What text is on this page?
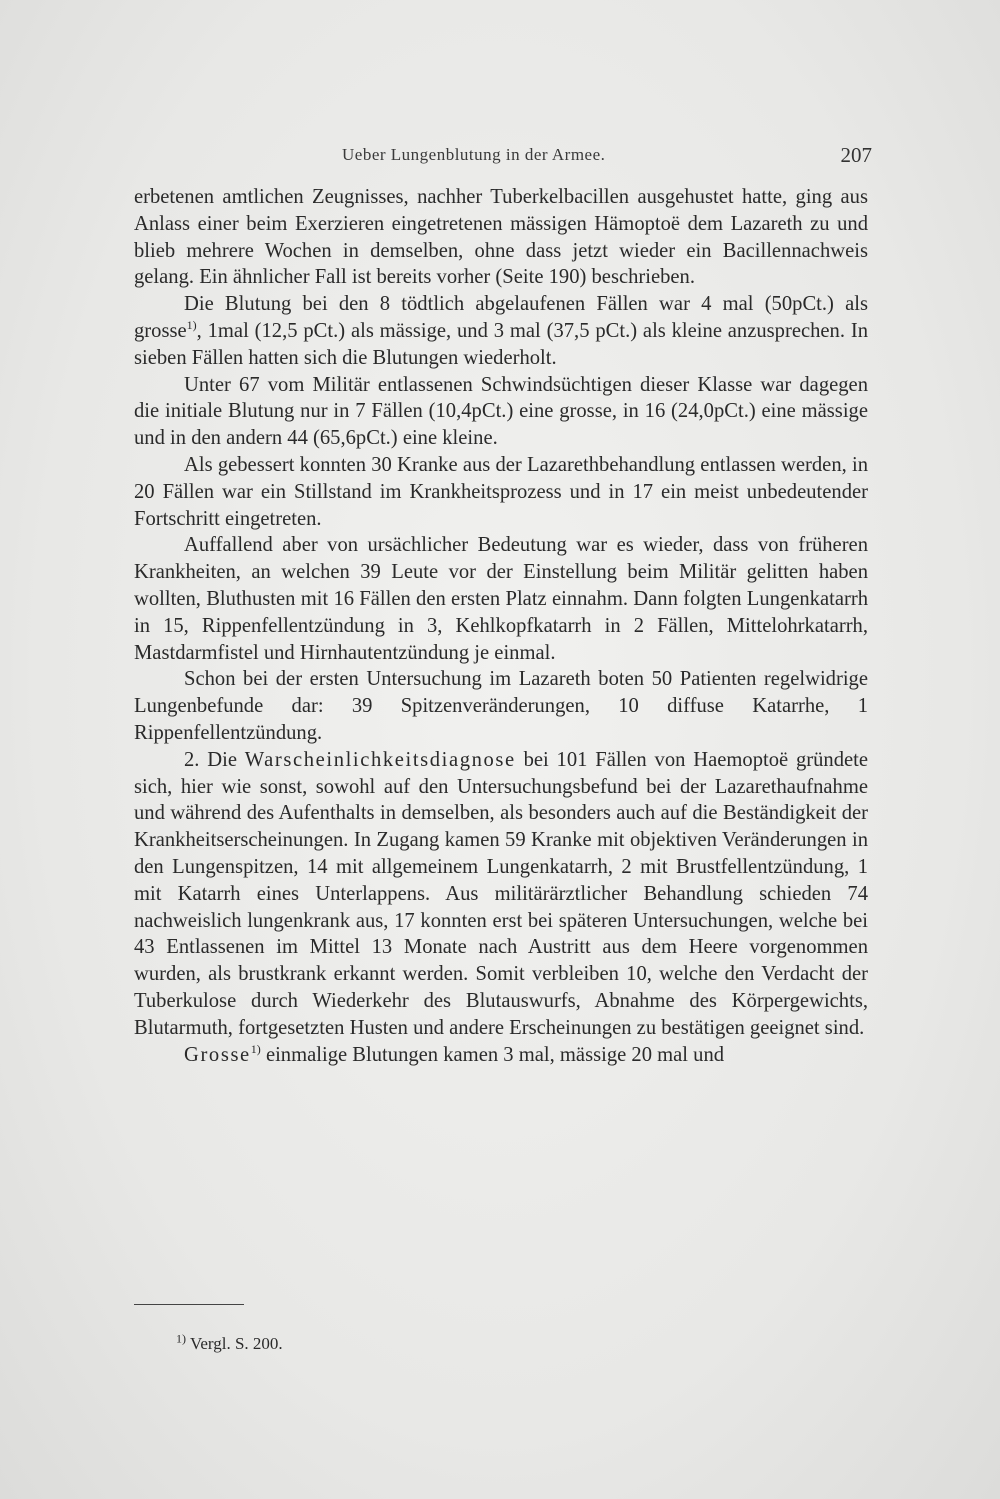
Ueber Lungenblutung in der Armee.	207

erbetenen amtlichen Zeugnisses, nachher Tuberkelbacillen ausgehustet hatte, ging aus Anlass einer beim Exerzieren eingetretenen mässigen Hämoptoë dem Lazareth zu und blieb mehrere Wochen in demselben, ohne dass jetzt wieder ein Bacillennachweis gelang. Ein ähnlicher Fall ist bereits vorher (Seite 190) beschrieben.

Die Blutung bei den 8 tödtlich abgelaufenen Fällen war 4 mal (50pCt.) als grosse$^{1)}$, 1mal (12,5 pCt.) als mässige, und 3 mal (37,5 pCt.) als kleine anzusprechen. In sieben Fällen hatten sich die Blutungen wiederholt.

Unter 67 vom Militär entlassenen Schwindsüchtigen dieser Klasse war dagegen die initiale Blutung nur in 7 Fällen (10,4pCt.) eine grosse, in 16 (24,0pCt.) eine mässige und in den andern 44 (65,6pCt.) eine kleine.

Als gebessert konnten 30 Kranke aus der Lazarethbehandlung entlassen werden, in 20 Fällen war ein Stillstand im Krankheitsprozess und in 17 ein meist unbedeutender Fortschritt eingetreten.

Auffallend aber von ursächlicher Bedeutung war es wieder, dass von früheren Krankheiten, an welchen 39 Leute vor der Einstellung beim Militär gelitten haben wollten, Bluthusten mit 16 Fällen den ersten Platz einnahm. Dann folgten Lungenkatarrh in 15, Rippenfellentzündung in 3, Kehlkopfkatarrh in 2 Fällen, Mittelohrkatarrh, Mastdarmfistel und Hirnhautentzündung je einmal.

Schon bei der ersten Untersuchung im Lazareth boten 50 Patienten regelwidrige Lungenbefunde dar: 39 Spitzenveränderungen, 10 diffuse Katarrhe, 1 Rippenfellentzündung.

2. Die Warscheinlichkeitsdiagnose bei 101 Fällen von Haemoptoë gründete sich, hier wie sonst, sowohl auf den Untersuchungsbefund bei der Lazarethaufnahme und während des Aufenthalts in demselben, als besonders auch auf die Beständigkeit der Krankheitserscheinungen. In Zugang kamen 59 Kranke mit objektiven Veränderungen in den Lungenspitzen, 14 mit allgemeinem Lungenkatarrh, 2 mit Brustfellentzündung, 1 mit Katarrh eines Unterlappens. Aus militärärztlicher Behandlung schieden 74 nachweislich lungenkrank aus, 17 konnten erst bei späteren Untersuchungen, welche bei 43 Entlassenen im Mittel 13 Monate nach Austritt aus dem Heere vorgenommen wurden, als brustkrank erkannt werden. Somit verbleiben 10, welche den Verdacht der Tuberkulose durch Wiederkehr des Blutauswurfs, Abnahme des Körpergewichts, Blutarmuth, fortgesetzten Husten und andere Erscheinungen zu bestätigen geeignet sind.

Grosse$^{1)}$ einmalige Blutungen kamen 3 mal, mässige 20 mal und

$^{1)}$ Vergl. S. 200.
